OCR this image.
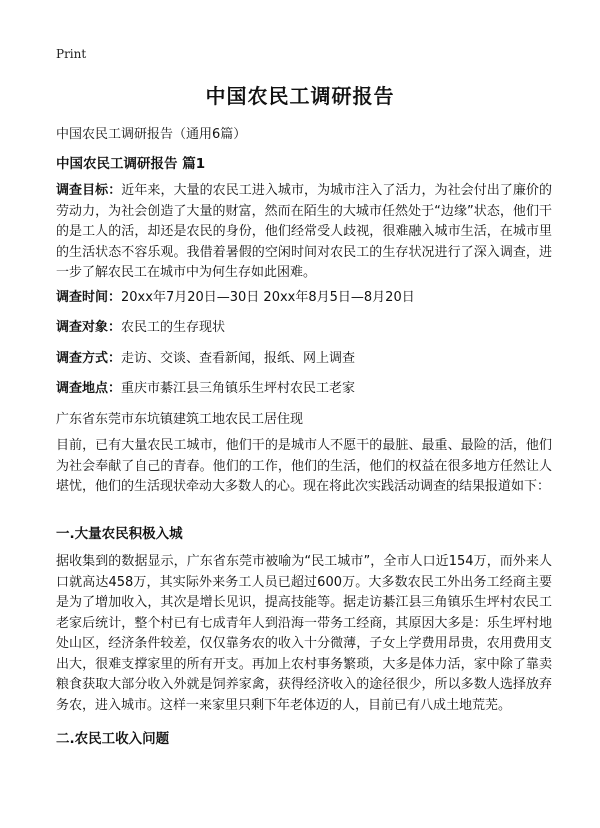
Print
中国农民工调研报告
中国农民工调研报告（通用6篇）
中国农民工调研报告 篇1
调查目标：近年来，大量的农民工进入城市，为城市注入了活力，为社会付出了廉价的劳动力，为社会创造了大量的财富，然而在陌生的大城市任然处于“边缘”状态，他们干的是工人的活，却还是农民的身份，他们经常受人歧视，很难融入城市生活，在城市里的生活状态不容乐观。我借着暑假的空闲时间对农民工的生存状况进行了深入调查，进一步了解农民工在城市中为何生存如此困难。
调查时间：20xx年7月20日—30日 20xx年8月5日—8月20日
调查对象：农民工的生存现状
调查方式：走访、交谈、查看新闻，报纸、网上调查
调查地点：重庆市綦江县三角镇乐生坪村农民工老家
广东省东莞市东坑镇建筑工地农民工居住现
目前，已有大量农民工城市，他们干的是城市人不愿干的最脏、最重、最险的活，他们为社会奉献了自己的青春。他们的工作，他们的生活，他们的权益在很多地方任然让人堪忧，他们的生活现状牵动大多数人的心。现在将此次实践活动调查的结果报道如下：
一.大量农民积极入城
据收集到的数据显示，广东省东莞市被喻为“民工城市”，全市人口近154万，而外来人口就高达458万，其实际外来务工人员已超过600万。大多数农民工外出务工经商主要是为了增加收入，其次是增长见识，提高技能等。据走访綦江县三角镇乐生坪村农民工老家后统计，整个村已有七成青年人到沿海一带务工经商，其原因大多是：乐生坪村地处山区，经济条件较差，仅仅靠务农的收入十分微薄，子女上学费用昂贵，农用费用支出大，很难支撑家里的所有开支。再加上农村事务繁琐，大多是体力活，家中除了靠卖粮食获取大部分收入外就是饲养家禽，获得经济收入的途径很少，所以多数人选择放弃务农，进入城市。这样一来家里只剩下年老体迈的人，目前已有八成土地荒芜。
二.农民工收入问题
